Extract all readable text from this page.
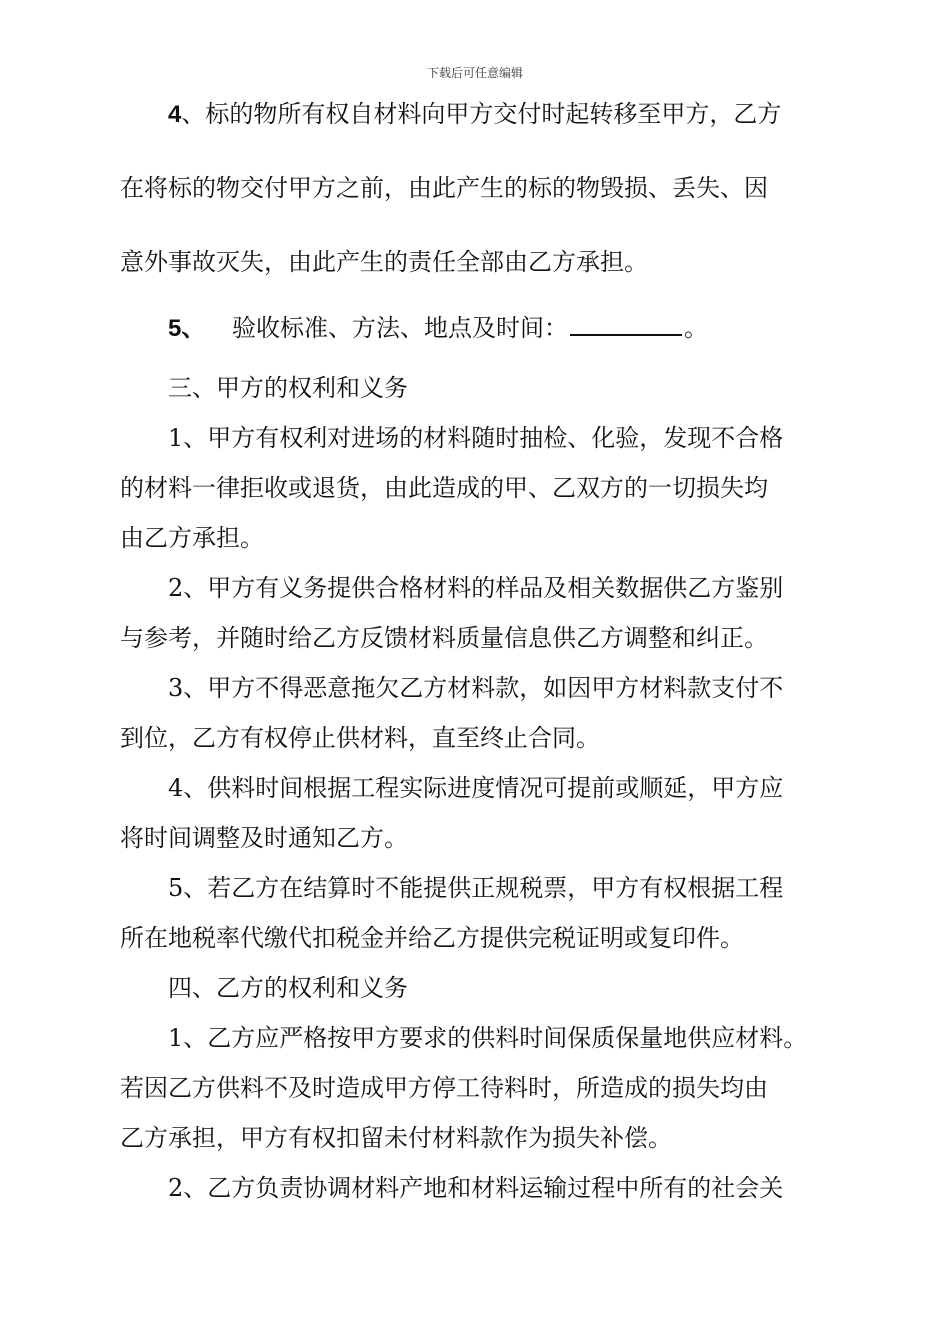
下载后可任意编辑
4、标的物所有权自材料向甲方交付时起转移至甲方，乙方
在将标的物交付甲方之前，由此产生的标的物毁损、丢失、因
意外事故灭失，由此产生的责任全部由乙方承担。
5、 验收标准、方法、地点及时间：	。
三、甲方的权利和义务
1、甲方有权利对进场的材料随时抽检、化验，发现不合格
的材料一律拒收或退货，由此造成的甲、乙双方的一切损失均
由乙方承担。
2、甲方有义务提供合格材料的样品及相关数据供乙方鉴别
与参考，并随时给乙方反馈材料质量信息供乙方调整和纠正。
3、甲方不得恶意拖欠乙方材料款，如因甲方材料款支付不
到位，乙方有权停止供材料，直至终止合同。
4、供料时间根据工程实际进度情况可提前或顺延，甲方应
将时间调整及时通知乙方。
5、若乙方在结算时不能提供正规税票，甲方有权根据工程
所在地税率代缴代扣税金并给乙方提供完税证明或复印件。
四、乙方的权利和义务
1、乙方应严格按甲方要求的供料时间保质保量地供应材料。
若因乙方供料不及时造成甲方停工待料时，所造成的损失均由
乙方承担，甲方有权扣留未付材料款作为损失补偿。
2、乙方负责协调材料产地和材料运输过程中所有的社会关
